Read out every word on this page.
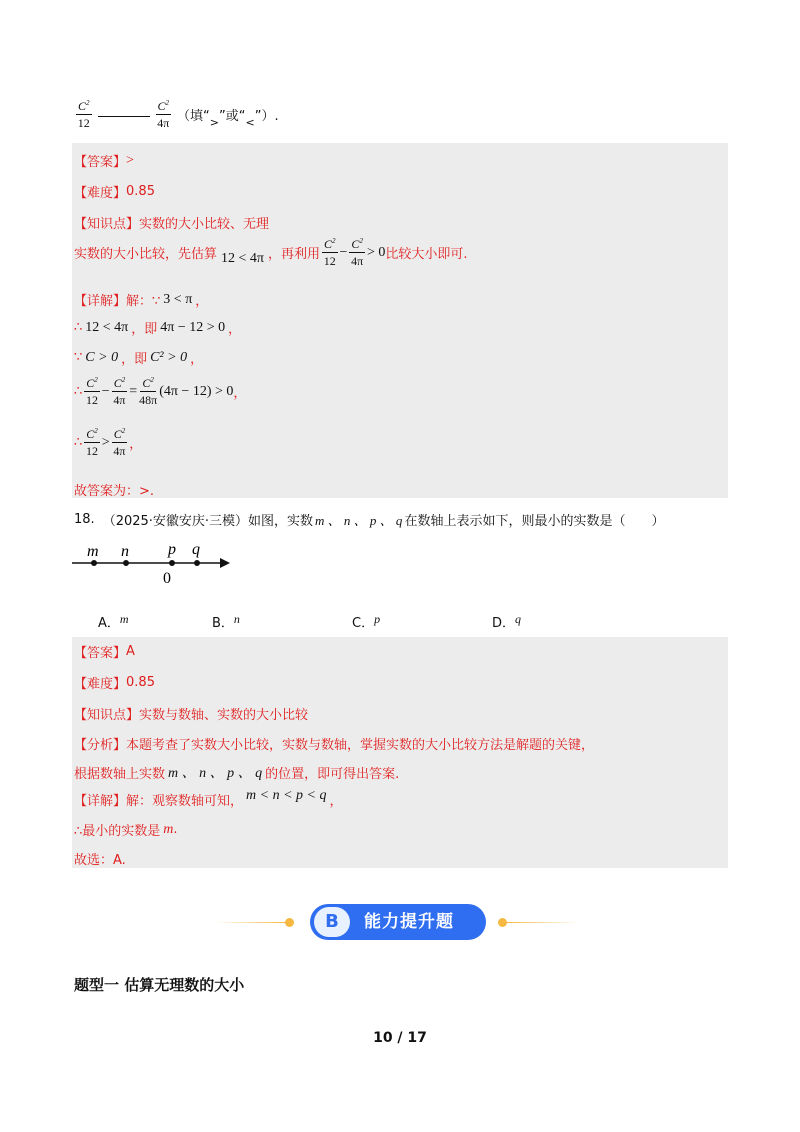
$\frac{C^2}{12}$	$\frac{C^2}{4\pi}$ （填“$_>$”或“$_<$”）.
【答案】 >
【难度】 0.85
【知识点】 实数的大小比较、无理
实数的大小比较，先估算 12 < 4π ，再利用 $\frac{C^2}{12} - \frac{C^2}{4\pi} > 0$ 比较大小即可.
【详解】 解：∵ 3 < π ，
∴ 12 < 4π ，即 4π − 12 > 0 ，
∵ C > 0 ，即 C² > 0 ，
∴ $\frac{C^2}{12} - \frac{C^2}{4\pi} = \frac{C^2}{48\pi} (4\pi - 12) > 0$ ，
∴ $\frac{C^2}{12} > \frac{C^2}{4\pi}$ ，
故答案为：>.
18. （2025·安徽安庆·三模）如图，实数 m 、 n 、 p 、 q 在数轴上表示如下，则最小的实数是（　　）
m n p q
0
A．m	B．n	C．p	D．q
【答案】 A
【难度】 0.85
【知识点】 实数与数轴、实数的大小比较
【分析】 本题考查了实数大小比较，实数与数轴，掌握实数的大小比较方法是解题的关键，
根据数轴上实数 m 、 n 、 p 、 q 的位置，即可得出答案.
【详解】 解：观察数轴可知， m < n < p < q ，
∴最小的实数是 m .
故选：A.
B	能力提升题
题型一 估算无理数的大小
10 / 17
